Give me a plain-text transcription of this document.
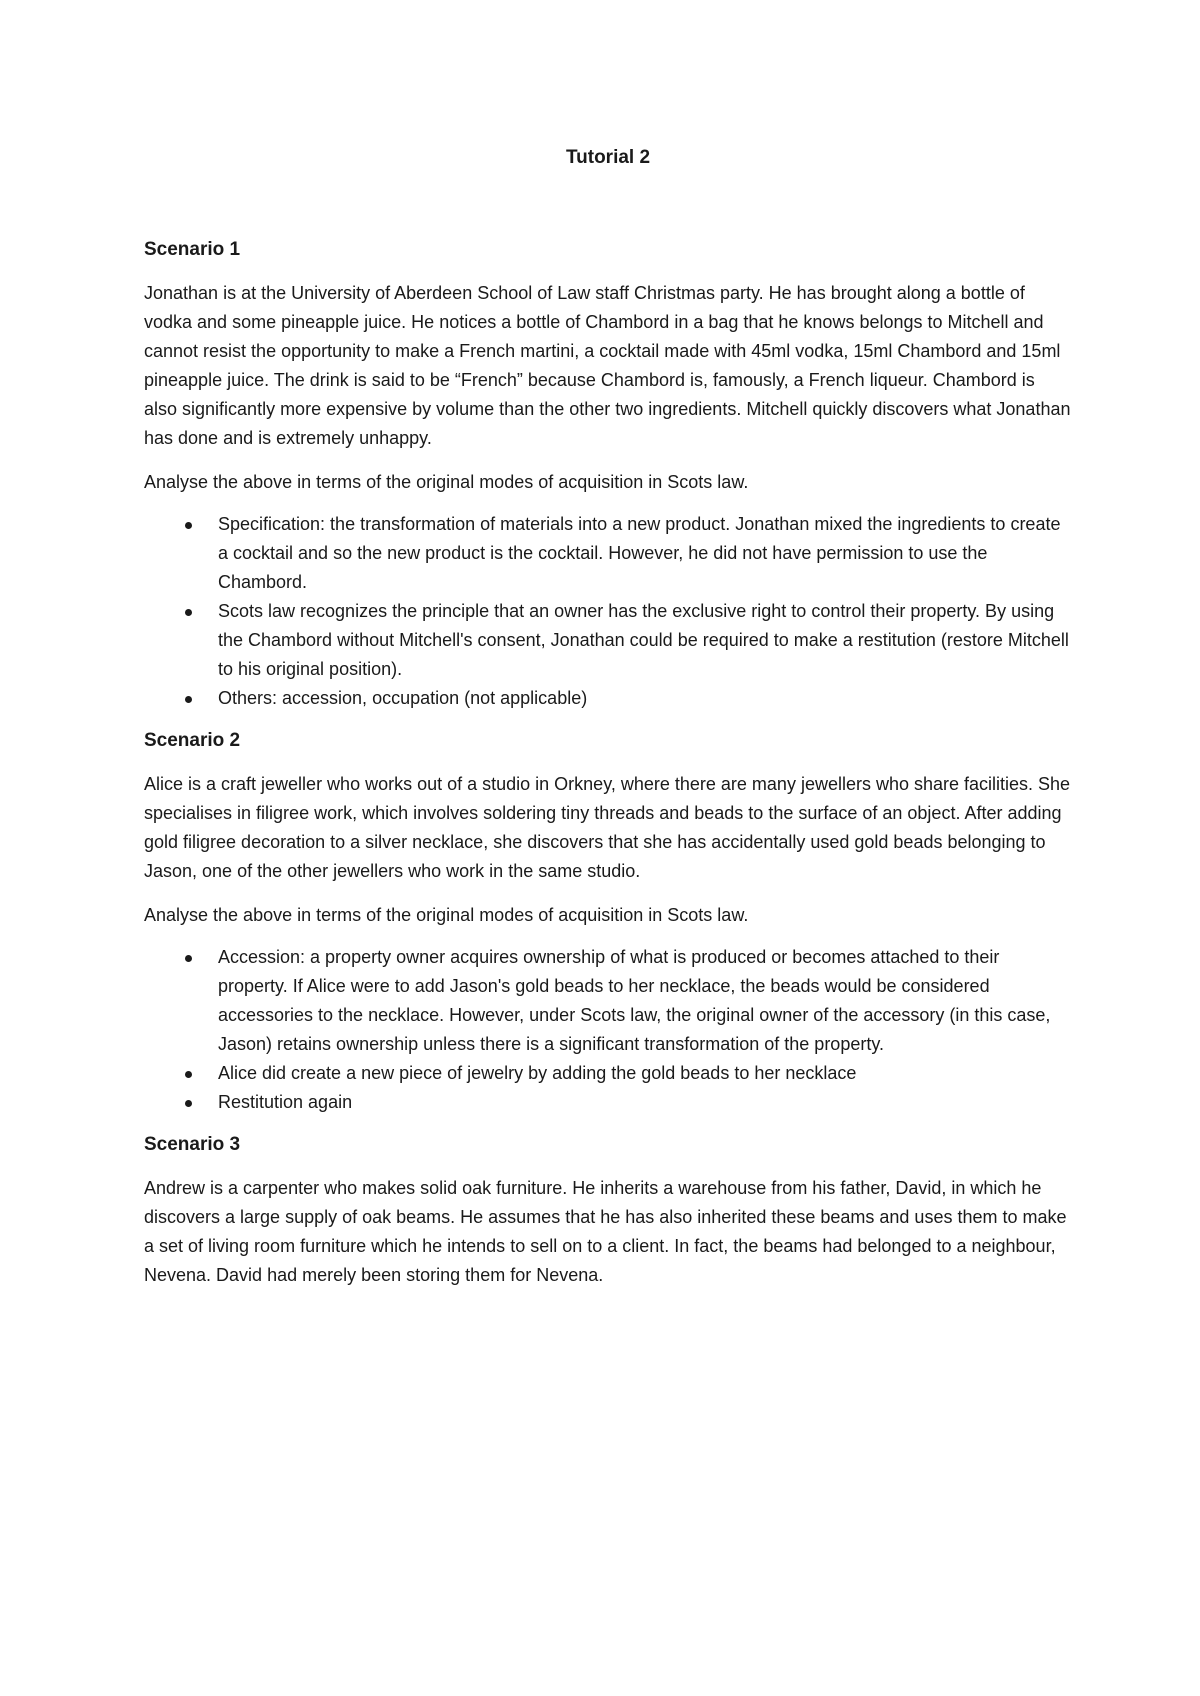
Tutorial 2
Scenario 1

Jonathan is at the University of Aberdeen School of Law staff Christmas party. He has brought along a bottle of vodka and some pineapple juice. He notices a bottle of Chambord in a bag that he knows belongs to Mitchell and cannot resist the opportunity to make a French martini, a cocktail made with 45ml vodka, 15ml Chambord and 15ml pineapple juice. The drink is said to be “French” because Chambord is, famously, a French liqueur. Chambord is also significantly more expensive by volume than the other two ingredients. Mitchell quickly discovers what Jonathan has done and is extremely unhappy.

Analyse the above in terms of the original modes of acquisition in Scots law.

Specification: the transformation of materials into a new product. Jonathan mixed the ingredients to create a cocktail and so the new product is the cocktail. However, he did not have permission to use the Chambord.
Scots law recognizes the principle that an owner has the exclusive right to control their property. By using the Chambord without Mitchell's consent, Jonathan could be required to make a restitution (restore Mitchell to his original position).
Others: accession, occupation (not applicable)
Scenario 2

Alice is a craft jeweller who works out of a studio in Orkney, where there are many jewellers who share facilities. She specialises in filigree work, which involves soldering tiny threads and beads to the surface of an object. After adding gold filigree decoration to a silver necklace, she discovers that she has accidentally used gold beads belonging to Jason, one of the other jewellers who work in the same studio.

Analyse the above in terms of the original modes of acquisition in Scots law.

Accession: a property owner acquires ownership of what is produced or becomes attached to their property. If Alice were to add Jason's gold beads to her necklace, the beads would be considered accessories to the necklace. However, under Scots law, the original owner of the accessory (in this case, Jason) retains ownership unless there is a significant transformation of the property.
Alice did create a new piece of jewelry by adding the gold beads to her necklace
Restitution again
Scenario 3

Andrew is a carpenter who makes solid oak furniture. He inherits a warehouse from his father, David, in which he discovers a large supply of oak beams. He assumes that he has also inherited these beams and uses them to make a set of living room furniture which he intends to sell on to a client. In fact, the beams had belonged to a neighbour, Nevena. David had merely been storing them for Nevena.
